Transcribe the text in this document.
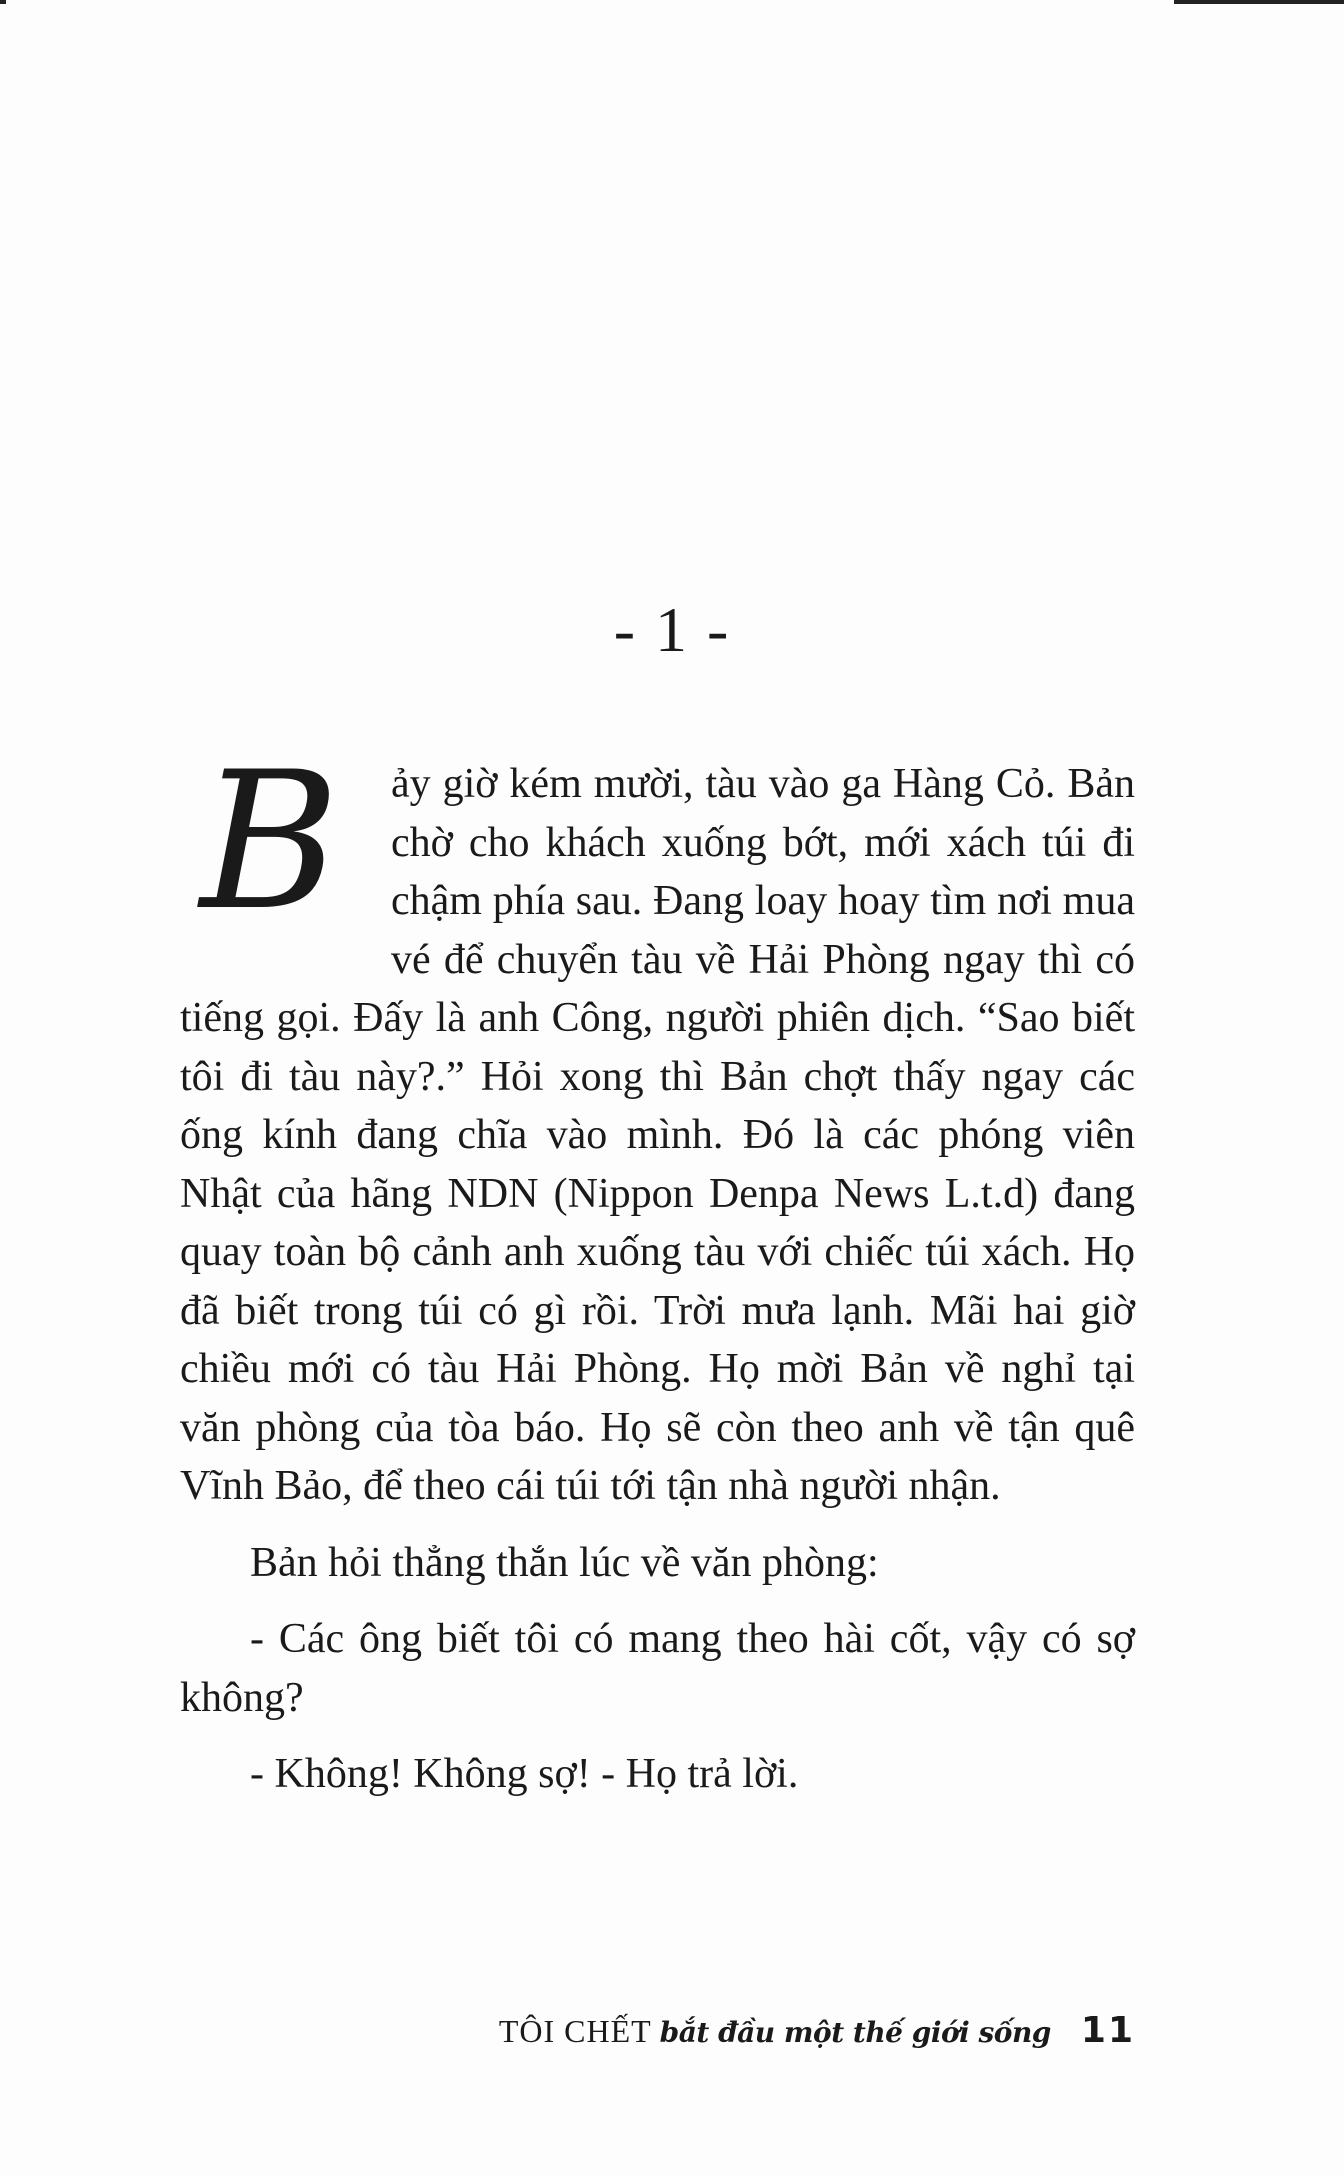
- 1 -

B	ảy giờ kém mười, tàu vào ga Hàng Cỏ. Bản chờ cho khách xuống bớt, mới xách túi đi chậm phía sau. Đang loay hoay tìm nơi mua vé để chuyển tàu về Hải Phòng ngay thì có tiếng gọi. Đấy là anh Công, người phiên dịch. “Sao biết tôi đi tàu này?.” Hỏi xong thì Bản chợt thấy ngay các ống kính đang chĩa vào mình. Đó là các phóng viên Nhật của hãng NDN (Nippon Denpa News L.t.d) đang quay toàn bộ cảnh anh xuống tàu với chiếc túi xách. Họ đã biết trong túi có gì rồi. Trời mưa lạnh. Mãi hai giờ chiều mới có tàu Hải Phòng. Họ mời Bản về nghỉ tại văn phòng của tòa báo. Họ sẽ còn theo anh về tận quê Vĩnh Bảo, để theo cái túi tới tận nhà người nhận.

Bản hỏi thẳng thắn lúc về văn phòng:

- Các ông biết tôi có mang theo hài cốt, vậy có sợ không?

- Không! Không sợ! - Họ trả lời.

TÔI CHẾT bắt đầu một thế giới sống 11
